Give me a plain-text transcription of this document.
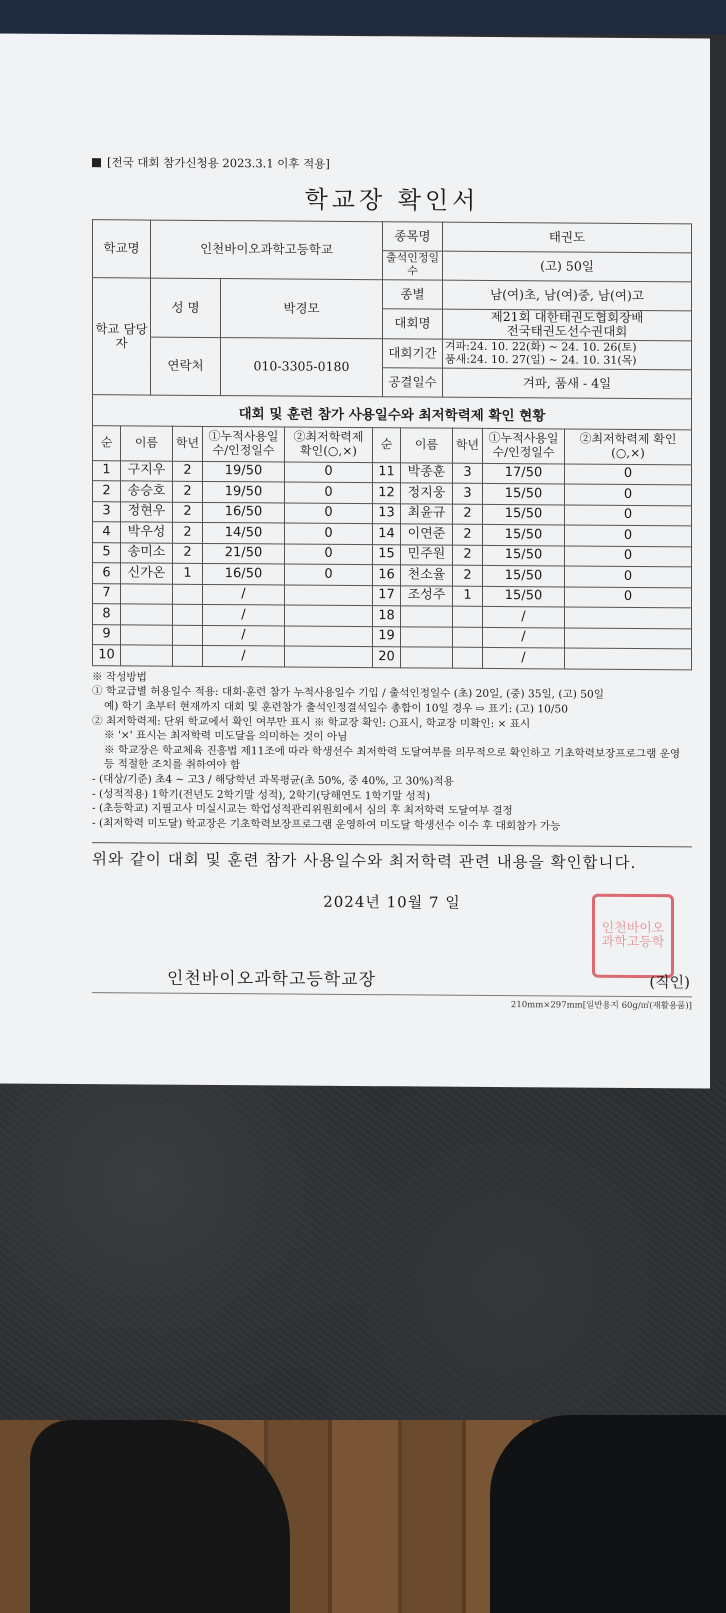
[전국 대회 참가신청용 2023.3.1 이후 적용]
학교장 확인서
학교명	인천바이오과학고등학교		종목명	태권도
			출석인정일수	(고) 50일
학교 담당자	성 명	박경모	종별	남(여)초, 남(여)중, 남(여)고
			대회명	제21회 대한태권도협회장배
전국태권도선수권대회

	연락처	010-3305-0180	대회기간	겨파:24. 10. 22(화) ~ 24. 10. 26(토)
품새:24. 10. 27(일) ~ 24. 10. 31(목)

			공결일수	겨파, 품새 - 4일
대회 및 훈련 참가 사용일수와 최저학력제 확인 현황
순	이름	학년	①누적사용일수/인정일수	②최저학력제 확인(○,×)	순	이름	학년	①누적사용일수/인정일수	②최저학력제 확인(○,×)
1	구지우	2	19/50	0	11	박종훈	3	17/50	0
2	송승호	2	19/50	0	12	정지웅	3	15/50	0
3	정현우	2	16/50	0	13	최윤규	2	15/50	0
4	박우성	2	14/50	0	14	이연준	2	15/50	0
5	송미소	2	21/50	0	15	민주원	2	15/50	0
6	신가온	1	16/50	0	16	천소율	2	15/50	0
7			/		17	조성주	1	15/50	0
8			/		18			/	
9			/		19			/	
10			/		20			/	

※ 작성방법

① 학교급별 허용일수 적용: 대회·훈련 참가 누적사용일수 기입 / 출석인정일수 (초) 20일, (중) 35일, (고) 50일

예) 학기 초부터 현재까지 대회 및 훈련참가 출석인정결석일수 총합이 10일 경우 ⇨ 표기: (고) 10/50

② 최저학력제: 단위 학교에서 확인 여부만 표시 ※ 학교장 확인: ○표시, 학교장 미확인: × 표시

※ '×' 표시는 최저학력 미도달을 의미하는 것이 아님

※ 학교장은 학교체육 진흥법 제11조에 따라 학생선수 최저학력 도달여부를 의무적으로 확인하고 기초학력보장프로그램 운영 등 적절한 조치를 취하여야 함

- (대상/기준) 초4 ~ 고3 / 해당학년 과목평균(초 50%, 중 40%, 고 30%)적용

- (성적적용) 1학기(전년도 2학기말 성적), 2학기(당해연도 1학기말 성적)

- (초등학교) 지필고사 미실시교는 학업성적관리위원회에서 심의 후 최저학력 도달여부 결정

- (최저학력 미도달) 학교장은 기초학력보장프로그램 운영하여 미도달 학생선수 이수 후 대회참가 가능

위와 같이 대회 및 훈련 참가 사용일수와 최저학력 관련 내용을 확인합니다.
2024년 10월 7 일
인천바이오과학고등학교장
인천바이오과학고등학
(직인)
210mm×297mm[일반용지 60g/㎡(재활용품)]
